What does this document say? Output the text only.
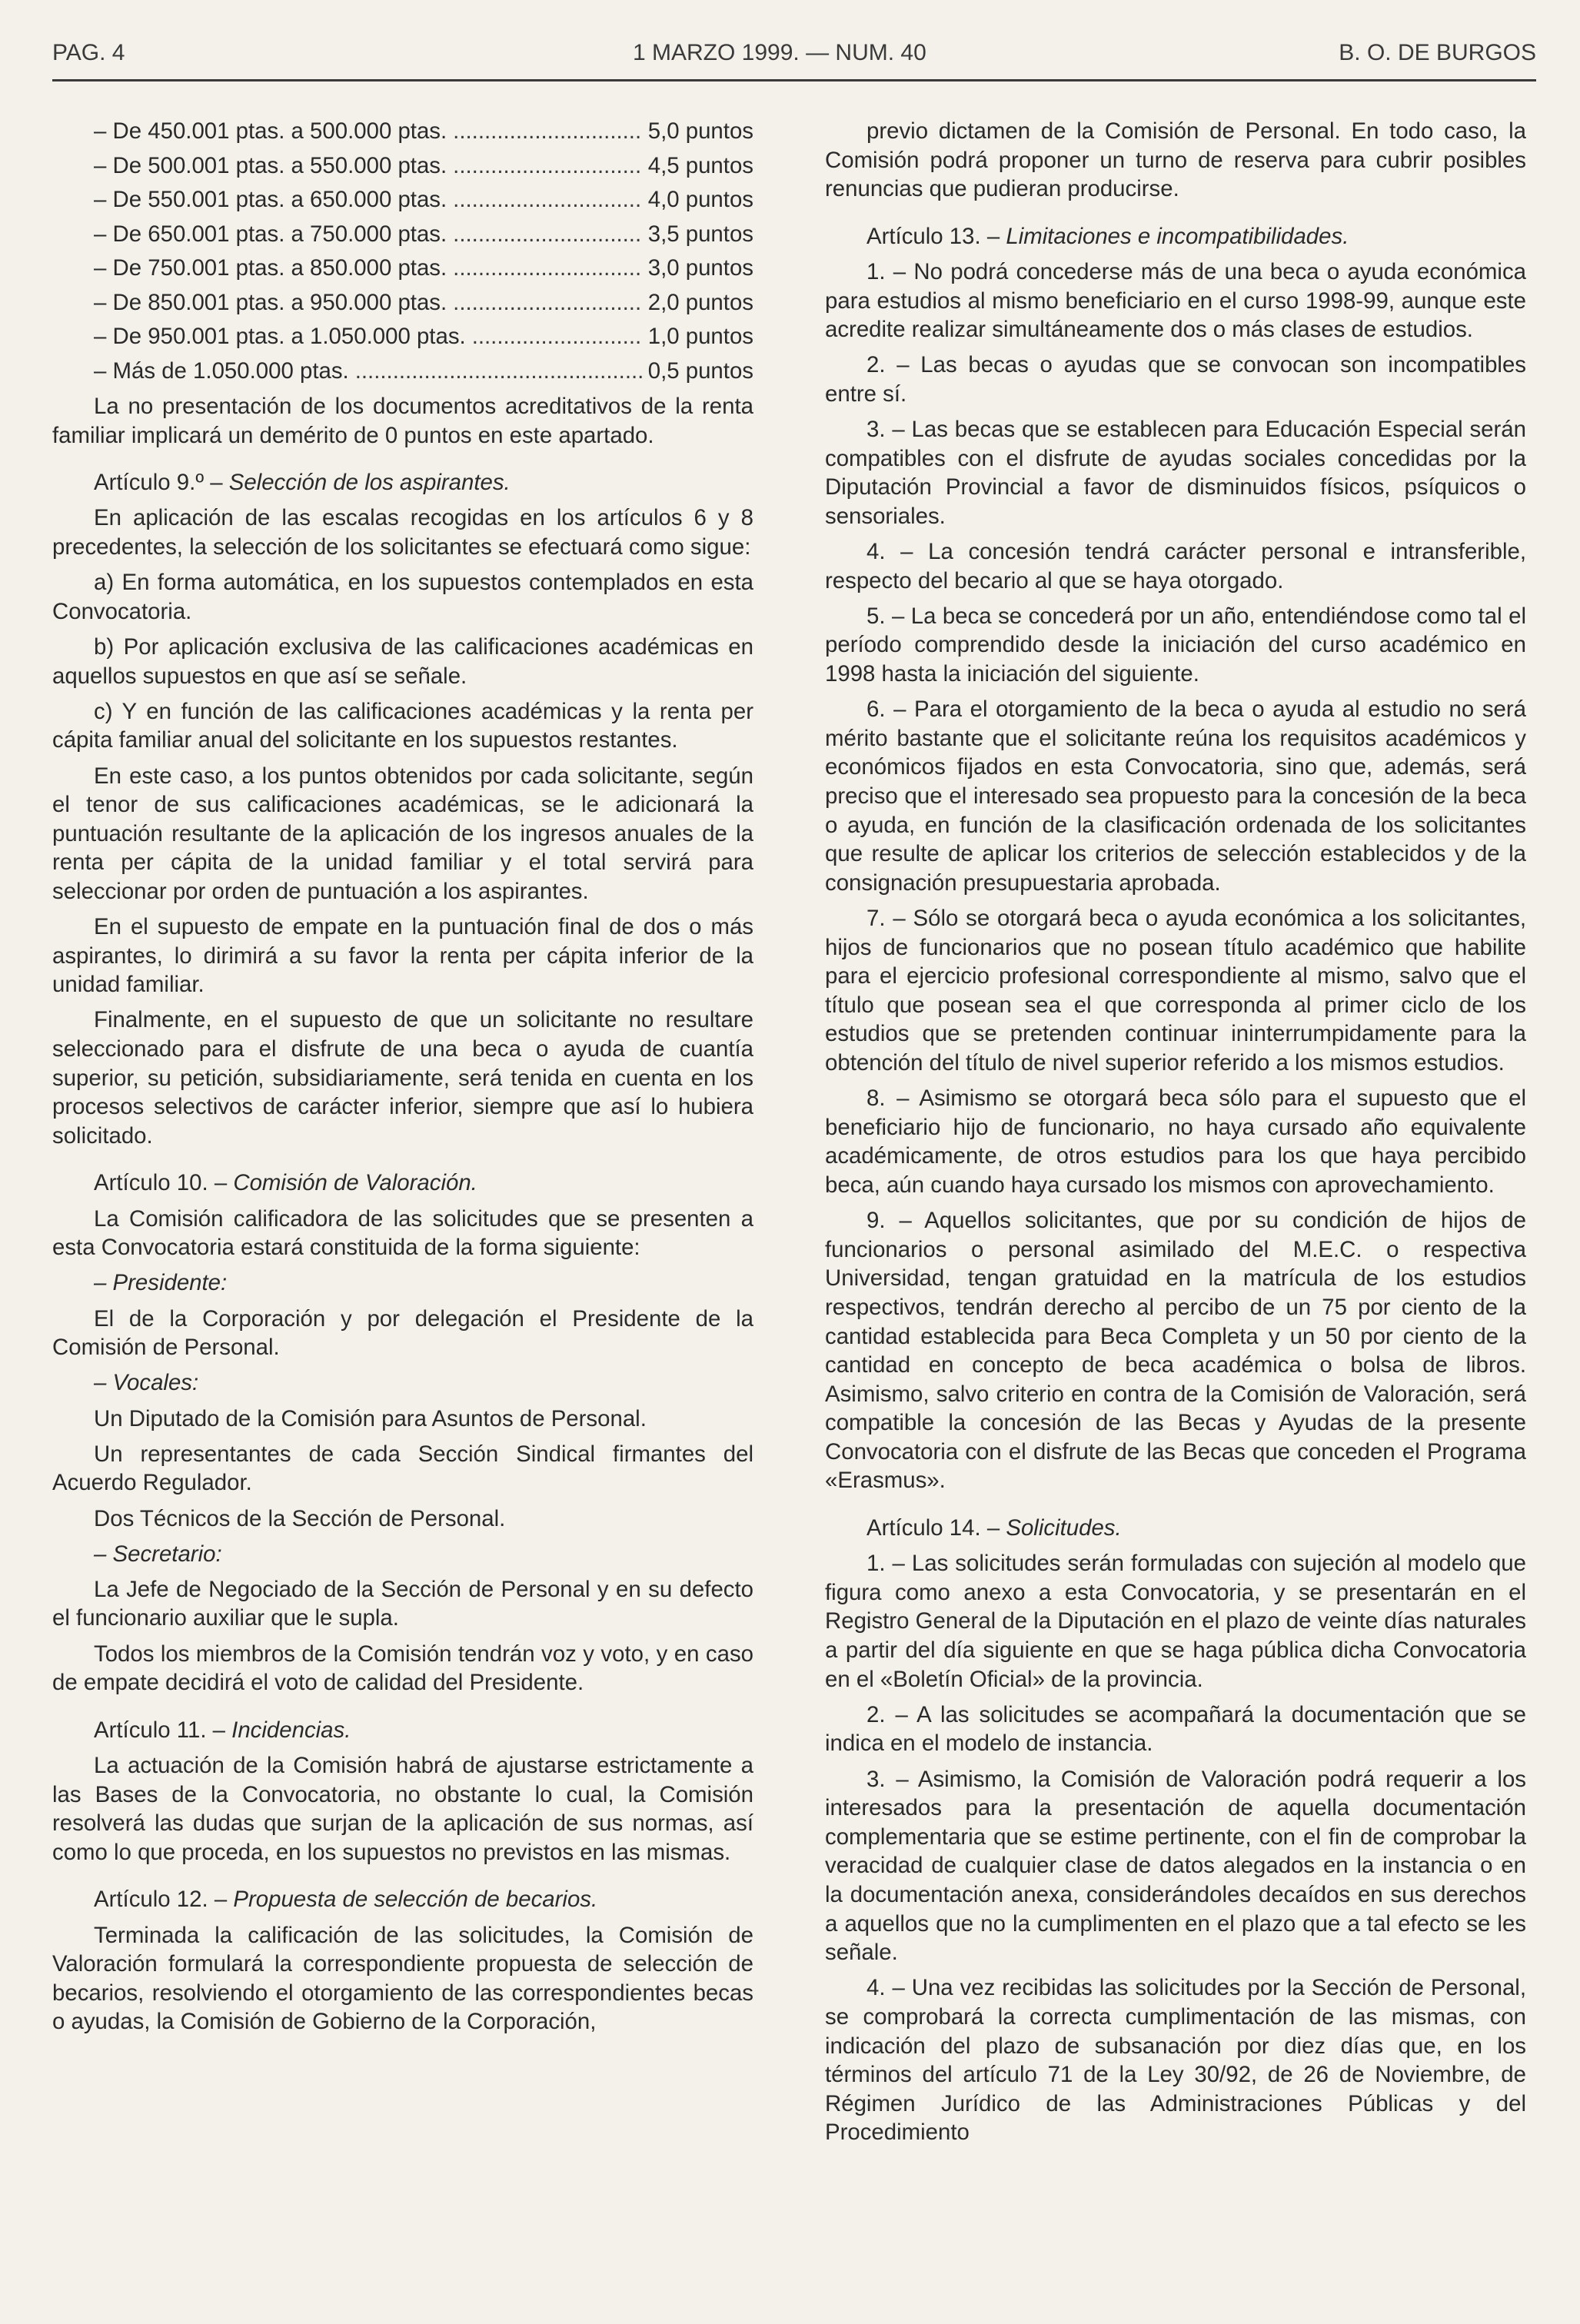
PAG. 4	1 MARZO 1999. — NUM. 40	B. O. DE BURGOS
– De 450.001 ptas. a 500.000 ptas. .....	5,0 puntos
– De 500.001 ptas. a 550.000 ptas. .....	4,5 puntos
– De 550.001 ptas. a 650.000 ptas. .....	4,0 puntos
– De 650.001 ptas. a 750.000 ptas. .....	3,5 puntos
– De 750.001 ptas. a 850.000 ptas. .....	3,0 puntos
– De 850.001 ptas. a 950.000 ptas. .....	2,0 puntos
– De 950.001 ptas. a 1.050.000 ptas. .....	1,0 puntos
– Más de 1.050.000 ptas. .....	0,5 puntos

La no presentación de los documentos acreditativos de la renta familiar implicará un demérito de 0 puntos en este apartado.

Artículo 9.º – Selección de los aspirantes.

En aplicación de las escalas recogidas en los artículos 6 y 8 precedentes, la selección de los solicitantes se efectuará como sigue:

a) En forma automática, en los supuestos contemplados en esta Convocatoria.

b) Por aplicación exclusiva de las calificaciones académicas en aquellos supuestos en que así se señale.

c) Y en función de las calificaciones académicas y la renta per cápita familiar anual del solicitante en los supuestos restantes.

En este caso, a los puntos obtenidos por cada solicitante, según el tenor de sus calificaciones académicas, se le adicionará la puntuación resultante de la aplicación de los ingresos anuales de la renta per cápita de la unidad familiar y el total servirá para seleccionar por orden de puntuación a los aspirantes.

En el supuesto de empate en la puntuación final de dos o más aspirantes, lo dirimirá a su favor la renta per cápita inferior de la unidad familiar.

Finalmente, en el supuesto de que un solicitante no resultare seleccionado para el disfrute de una beca o ayuda de cuantía superior, su petición, subsidiariamente, será tenida en cuenta en los procesos selectivos de carácter inferior, siempre que así lo hubiera solicitado.

Artículo 10. – Comisión de Valoración.

La Comisión calificadora de las solicitudes que se presenten a esta Convocatoria estará constituida de la forma siguiente:

– Presidente:

El de la Corporación y por delegación el Presidente de la Comisión de Personal.

– Vocales:

Un Diputado de la Comisión para Asuntos de Personal.

Un representantes de cada Sección Sindical firmantes del Acuerdo Regulador.

Dos Técnicos de la Sección de Personal.

– Secretario:

La Jefe de Negociado de la Sección de Personal y en su defecto el funcionario auxiliar que le supla.

Todos los miembros de la Comisión tendrán voz y voto, y en caso de empate decidirá el voto de calidad del Presidente.

Artículo 11. – Incidencias.

La actuación de la Comisión habrá de ajustarse estrictamente a las Bases de la Convocatoria, no obstante lo cual, la Comisión resolverá las dudas que surjan de la aplicación de sus normas, así como lo que proceda, en los supuestos no previstos en las mismas.

Artículo 12. – Propuesta de selección de becarios.

Terminada la calificación de las solicitudes, la Comisión de Valoración formulará la correspondiente propuesta de selección de becarios, resolviendo el otorgamiento de las correspondientes becas o ayudas, la Comisión de Gobierno de la Corporación,

previo dictamen de la Comisión de Personal. En todo caso, la Comisión podrá proponer un turno de reserva para cubrir posibles renuncias que pudieran producirse.

Artículo 13. – Limitaciones e incompatibilidades.

1. – No podrá concederse más de una beca o ayuda económica para estudios al mismo beneficiario en el curso 1998-99, aunque este acredite realizar simultáneamente dos o más clases de estudios.

2. – Las becas o ayudas que se convocan son incompatibles entre sí.

3. – Las becas que se establecen para Educación Especial serán compatibles con el disfrute de ayudas sociales concedidas por la Diputación Provincial a favor de disminuidos físicos, psíquicos o sensoriales.

4. – La concesión tendrá carácter personal e intransferible, respecto del becario al que se haya otorgado.

5. – La beca se concederá por un año, entendiéndose como tal el período comprendido desde la iniciación del curso académico en 1998 hasta la iniciación del siguiente.

6. – Para el otorgamiento de la beca o ayuda al estudio no será mérito bastante que el solicitante reúna los requisitos académicos y económicos fijados en esta Convocatoria, sino que, además, será preciso que el interesado sea propuesto para la concesión de la beca o ayuda, en función de la clasificación ordenada de los solicitantes que resulte de aplicar los criterios de selección establecidos y de la consignación presupuestaria aprobada.

7. – Sólo se otorgará beca o ayuda económica a los solicitantes, hijos de funcionarios que no posean título académico que habilite para el ejercicio profesional correspondiente al mismo, salvo que el título que posean sea el que corresponda al primer ciclo de los estudios que se pretenden continuar ininterrumpidamente para la obtención del título de nivel superior referido a los mismos estudios.

8. – Asimismo se otorgará beca sólo para el supuesto que el beneficiario hijo de funcionario, no haya cursado año equivalente académicamente, de otros estudios para los que haya percibido beca, aún cuando haya cursado los mismos con aprovechamiento.

9. – Aquellos solicitantes, que por su condición de hijos de funcionarios o personal asimilado del M.E.C. o respectiva Universidad, tengan gratuidad en la matrícula de los estudios respectivos, tendrán derecho al percibo de un 75 por ciento de la cantidad establecida para Beca Completa y un 50 por ciento de la cantidad en concepto de beca académica o bolsa de libros. Asimismo, salvo criterio en contra de la Comisión de Valoración, será compatible la concesión de las Becas y Ayudas de la presente Convocatoria con el disfrute de las Becas que conceden el Programa «Erasmus».

Artículo 14. – Solicitudes.

1. – Las solicitudes serán formuladas con sujeción al modelo que figura como anexo a esta Convocatoria, y se presentarán en el Registro General de la Diputación en el plazo de veinte días naturales a partir del día siguiente en que se haga pública dicha Convocatoria en el «Boletín Oficial» de la provincia.

2. – A las solicitudes se acompañará la documentación que se indica en el modelo de instancia.

3. – Asimismo, la Comisión de Valoración podrá requerir a los interesados para la presentación de aquella documentación complementaria que se estime pertinente, con el fin de comprobar la veracidad de cualquier clase de datos alegados en la instancia o en la documentación anexa, considerándoles decaídos en sus derechos a aquellos que no la cumplimenten en el plazo que a tal efecto se les señale.

4. – Una vez recibidas las solicitudes por la Sección de Personal, se comprobará la correcta cumplimentación de las mismas, con indicación del plazo de subsanación por diez días que, en los términos del artículo 71 de la Ley 30/92, de 26 de Noviembre, de Régimen Jurídico de las Administraciones Públicas y del Procedimiento
